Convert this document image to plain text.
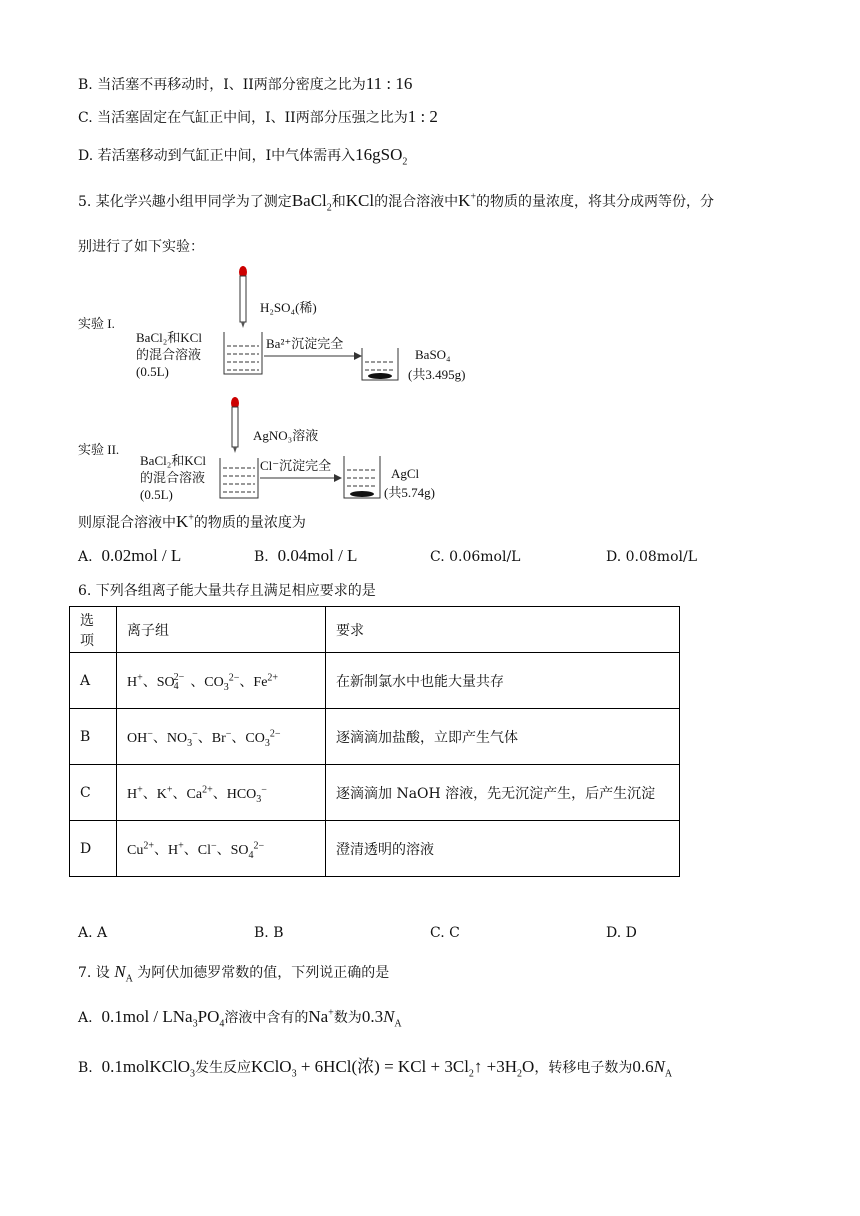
B. 当活塞不再移动时，I、II两部分密度之比为11 : 16
C. 当活塞固定在气缸正中间，I、II两部分压强之比为1 : 2
D. 若活塞移动到气缸正中间，I中气体需再入16gSO$_2$
5. 某化学兴趣小组甲同学为了测定BaCl$_2$和KCl的混合溶液中K+的物质的量浓度，将其分成两等份，分
别进行了如下实验：
实验 I.
H₂SO₄(稀)
BaCl₂和KCl
的混合溶液
(0.5L)
Ba²⁺沉淀完全
BaSO₄
(共3.495g)
实验 II.
AgNO₃溶液
BaCl₂和KCl
的混合溶液
(0.5L)
Cl⁻沉淀完全
AgCl
(共5.74g)
则原混合溶液中K+的物质的量浓度为
A.  0.02mol / L	B.  0.04mol / L	C. 0.06mol/L	D. 0.08mol/L
6. 下列各组离子能大量共存且满足相应要求的是
选项	离子组	要求
A	H+、$SO_4^{2-}$ 、$CO_3^{2-}$、$Fe^{2+}$	在新制氯水中也能大量共存
B	OH−、$NO_3^-$、Br−、$CO_3^{2-}$	逐滴滴加盐酸，立即产生气体
C	H+、K+、$Ca^{2+}$、$HCO_3^-$	逐滴滴加 NaOH 溶液，先无沉淀产生，后产生沉淀
D	$Cu^{2+}$、H+、Cl−、$SO_4^{2-}$	澄清透明的溶液
A. A	B. B	C. C	D. D
7. 设 $N_A$ 为阿伏加德罗常数的值，下列说正确的是
A. $0.1mol / LNa_3PO_4$溶液中含有的Na+数为$0.3N_A$
B. 0.1molKClO$_3$发生反应KClO$_3$ + 6HCl(浓) = KCl + $3Cl_2↑ +3H_2O$，转移电子数为$0.6N_A$
